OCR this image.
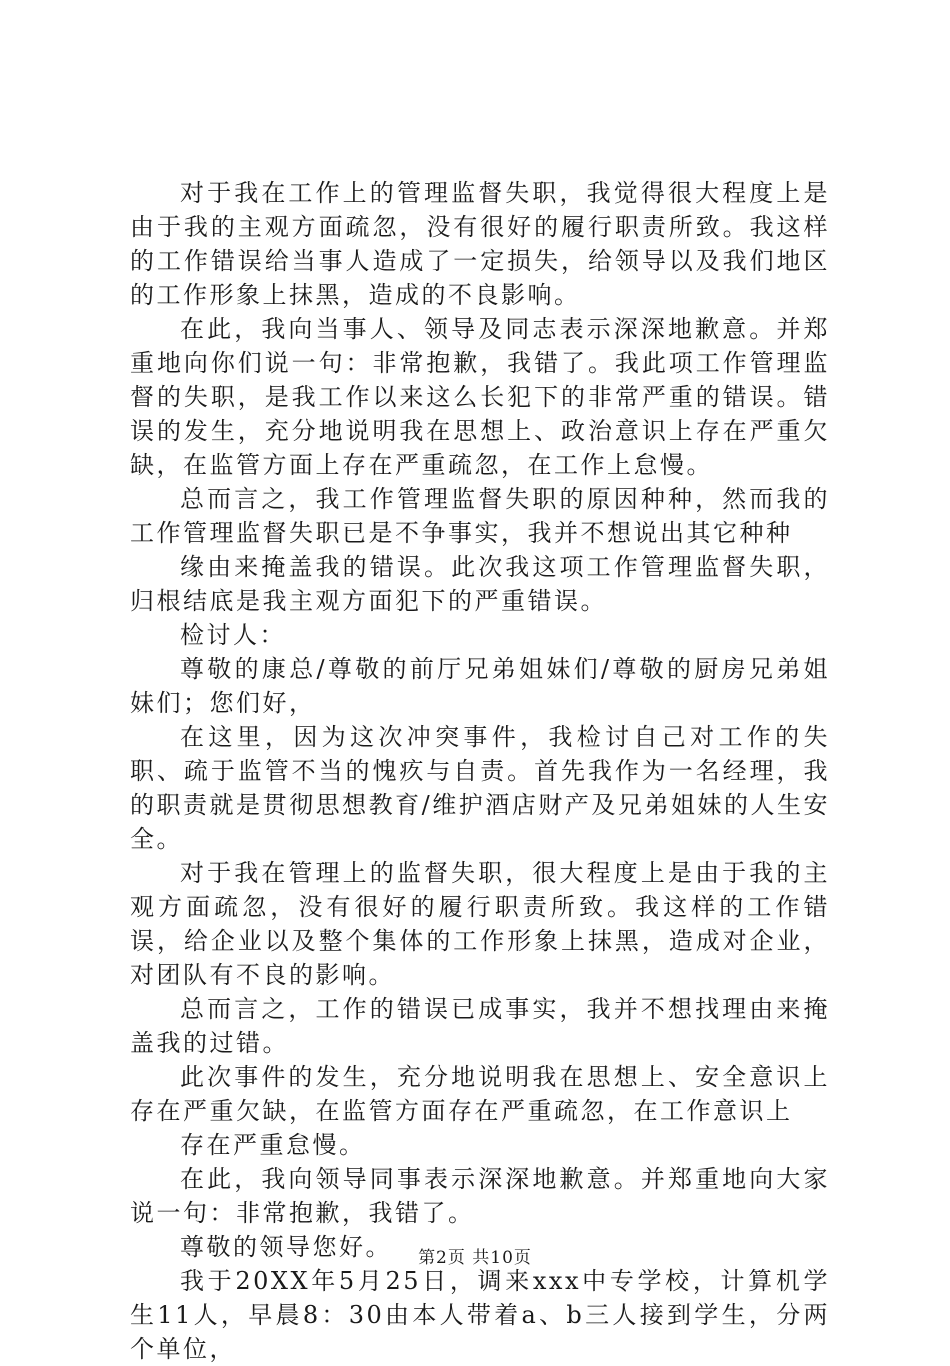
对于我在工作上的管理监督失职，我觉得很大程度上是由于我的主观方面疏忽，没有很好的履行职责所致。我这样的工作错误给当事人造成了一定损失，给领导以及我们地区的工作形象上抹黑，造成的不良影响。

在此，我向当事人、领导及同志表示深深地歉意。并郑重地向你们说一句：非常抱歉，我错了。我此项工作管理监督的失职，是我工作以来这么长犯下的非常严重的错误。错误的发生，充分地说明我在思想上、政治意识上存在严重欠缺，在监管方面上存在严重疏忽，在工作上怠慢。

总而言之，我工作管理监督失职的原因种种，然而我的工作管理监督失职已是不争事实，我并不想说出其它种种

缘由来掩盖我的错误。此次我这项工作管理监督失职，归根结底是我主观方面犯下的严重错误。

检讨人：

尊敬的康总/尊敬的前厅兄弟姐妹们/尊敬的厨房兄弟姐妹们；您们好，

在这里，因为这次冲突事件，我检讨自己对工作的失职、疏于监管不当的愧疚与自责。首先我作为一名经理，我的职责就是贯彻思想教育/维护酒店财产及兄弟姐妹的人生安全。

对于我在管理上的监督失职，很大程度上是由于我的主观方面疏忽，没有很好的履行职责所致。我这样的工作错误，给企业以及整个集体的工作形象上抹黑，造成对企业，对团队有不良的影响。

总而言之，工作的错误已成事实，我并不想找理由来掩盖我的过错。

此次事件的发生，充分地说明我在思想上、安全意识上存在严重欠缺，在监管方面存在严重疏忽，在工作意识上

存在严重怠慢。

在此，我向领导同事表示深深地歉意。并郑重地向大家说一句：非常抱歉，我错了。

尊敬的领导您好。

我于20XX年5月25日，调来xxx中专学校，计算机学生11人，早晨8：30由本人带着a、b三人接到学生，分两个单位，

第2页 共10页
